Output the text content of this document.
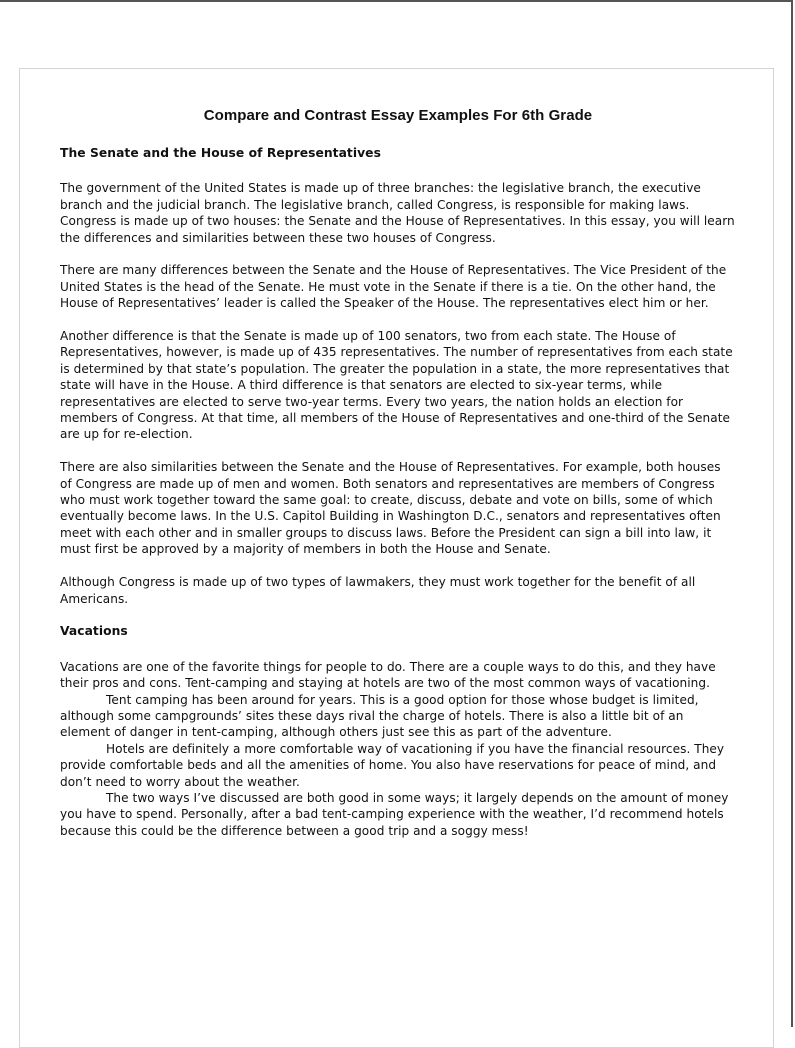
Compare and Contrast Essay Examples For 6th Grade
The Senate and the House of Representatives

The government of the United States is made up of three branches: the legislative branch, the executive branch and the judicial branch. The legislative branch, called Congress, is responsible for making laws. Congress is made up of two houses: the Senate and the House of Representatives. In this essay, you will learn the differences and similarities between these two houses of Congress.

There are many differences between the Senate and the House of Representatives. The Vice President of the United States is the head of the Senate. He must vote in the Senate if there is a tie. On the other hand, the House of Representatives’ leader is called the Speaker of the House. The representatives elect him or her.

Another difference is that the Senate is made up of 100 senators, two from each state. The House of Representatives, however, is made up of 435 representatives. The number of representatives from each state is determined by that state’s population. The greater the population in a state, the more representatives that state will have in the House. A third difference is that senators are elected to six-year terms, while representatives are elected to serve two-year terms. Every two years, the nation holds an election for members of Congress. At that time, all members of the House of Representatives and one-third of the Senate are up for re-election.

There are also similarities between the Senate and the House of Representatives. For example, both houses of Congress are made up of men and women. Both senators and representatives are members of Congress who must work together toward the same goal: to create, discuss, debate and vote on bills, some of which eventually become laws. In the U.S. Capitol Building in Washington D.C., senators and representatives often meet with each other and in smaller groups to discuss laws. Before the President can sign a bill into law, it must first be approved by a majority of members in both the House and Senate.

Although Congress is made up of two types of lawmakers, they must work together for the benefit of all Americans.

Vacations

Vacations are one of the favorite things for people to do. There are a couple ways to do this, and they have their pros and cons. Tent-camping and staying at hotels are two of the most common ways of vacationing.

Tent camping has been around for years. This is a good option for those whose budget is limited, although some campgrounds’ sites these days rival the charge of hotels. There is also a little bit of an element of danger in tent-camping, although others just see this as part of the adventure.

Hotels are definitely a more comfortable way of vacationing if you have the financial resources. They provide comfortable beds and all the amenities of home. You also have reservations for peace of mind, and don’t need to worry about the weather.

The two ways I’ve discussed are both good in some ways; it largely depends on the amount of money you have to spend. Personally, after a bad tent-camping experience with the weather, I’d recommend hotels because this could be the difference between a good trip and a soggy mess!
